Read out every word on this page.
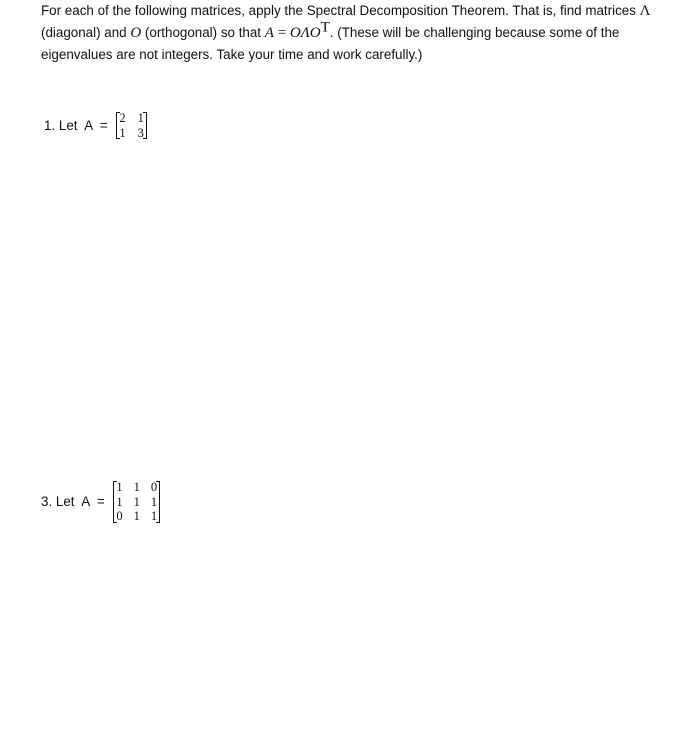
For each of the following matrices, apply the Spectral Decomposition Theorem. That is, find matrices Λ (diagonal) and O (orthogonal) so that $A = O\Lambda O^T$. (These will be challenging because some of the eigenvalues are not integers. Take your time and work carefully.)

1. Let  A  = 2 1
1 3
3. Let  A  =
1 1 0
1 1 1
0 1 1
